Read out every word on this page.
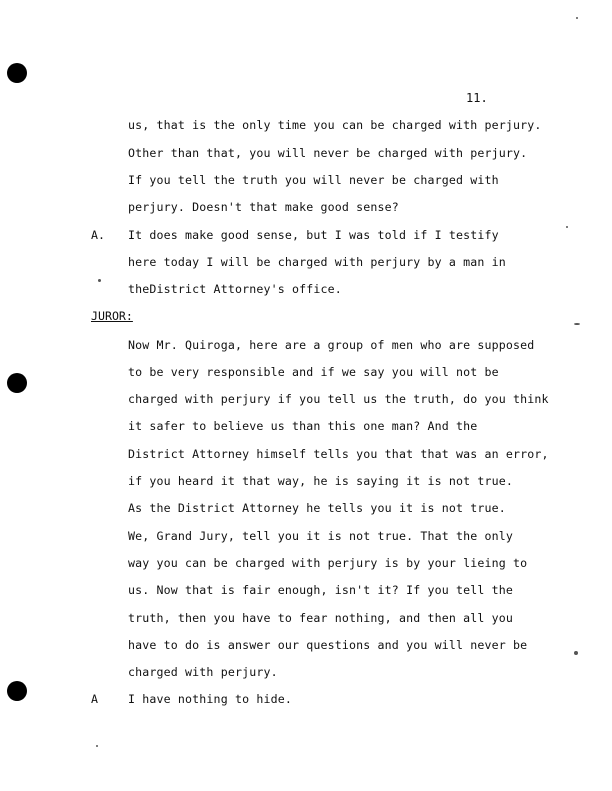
11.
us, that is the only time you can be charged with perjury.
Other than that, you will never be charged with perjury.
If you tell the truth you will never be charged with
perjury. Doesn't that make good sense?
A. It does make good sense, but I was told if I testify
here today I will be charged with perjury by a man in
theDistrict Attorney's office.
JUROR:
Now Mr. Quiroga, here are a group of men who are supposed
to be very responsible and if we say you will not be
charged with perjury if you tell us the truth, do you think
it safer to believe us than this one man? And the
District Attorney himself tells you that that was an error,
if you heard it that way, he is saying it is not true.
As the District Attorney he tells you it is not true.
We, Grand Jury, tell you it is not true. That the only
way you can be charged with perjury is by your lieing to
us. Now that is fair enough, isn't it? If you tell the
truth, then you have to fear nothing, and then all you
have to do is answer our questions and you will never be
charged with perjury.
A	I have nothing to hide.
